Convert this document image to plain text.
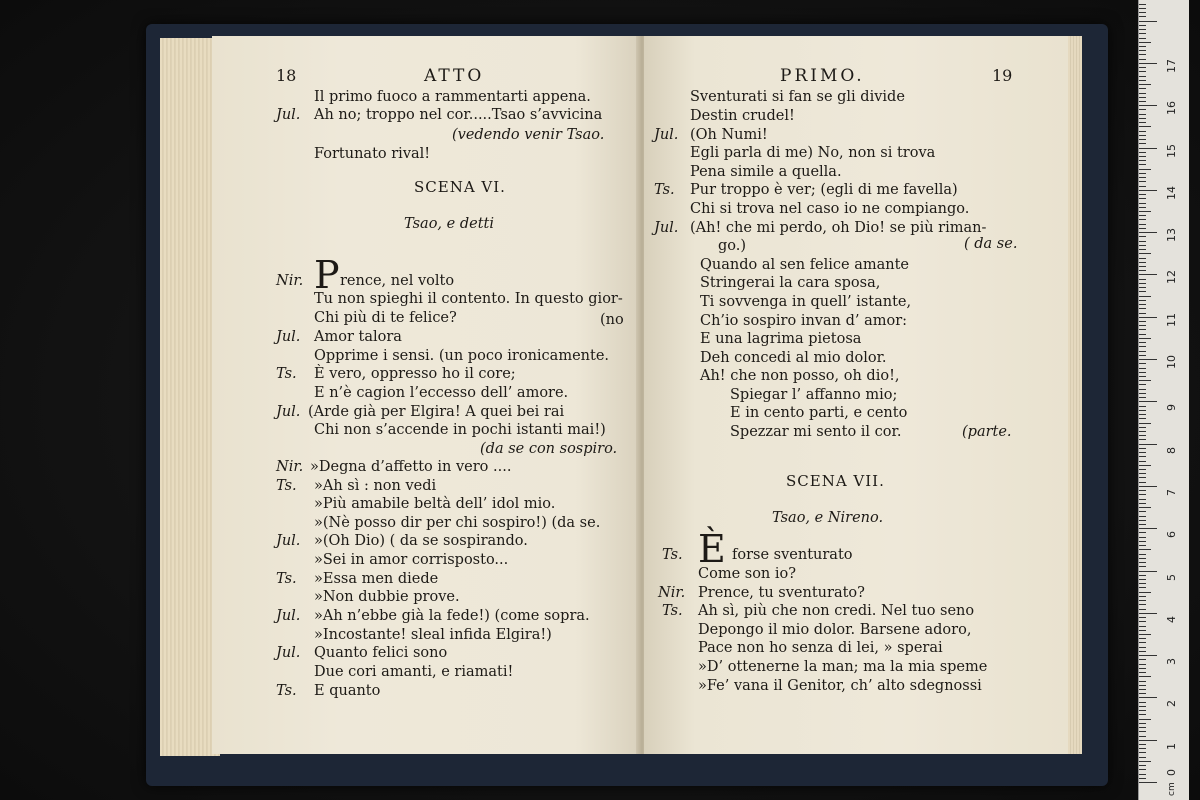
18	ATTO
Il primo fuoco a rammentarti appena.
Jul. Ah no; troppo nel cor.....Tsao s’avvicina
(vedendo venir Tsao.
Fortunato rival!
SCENA VI.
Tsao, e detti
Nir. P rence, nel volto
Tu non spieghi il contento. In questo gior-
Chi più di te felice?	(no
Jul. Amor talora
Opprime i sensi. (un poco ironicamente.
Ts. È vero, oppresso ho il core;
E n’è cagion l’eccesso dell’ amore.
Jul. (Arde già per Elgira! A quei bei rai
Chi non s’accende in pochi istanti mai!)
(da se con sospiro.
Nir. »Degna d’affetto in vero ....
Ts. »Ah sì : non vedi
»Più amabile beltà dell’ idol mio.
»(Nè posso dir per chi sospiro!) (da se.
Jul. »(Oh Dio) ( da se sospirando.
»Sei in amor corrisposto...
Ts. »Essa men diede
»Non dubbie prove.
Jul. »Ah n’ebbe già la fede!) (come sopra.
»Incostante! sleal infida Elgira!)
Jul. Quanto felici sono
Due cori amanti, e riamati!
Ts. E quanto
PRIMO.	19
Sventurati si fan se gli divide
Destin crudel!
Jul. (Oh Numi!
Egli parla di me) No, non si trova
Pena simile a quella.
Ts. Pur troppo è ver; (egli di me favella)
Chi si trova nel caso io ne compiango.
Jul. (Ah! che mi perdo, oh Dio! se più riman-
go.)	( da se.
Quando al sen felice amante
Stringerai la cara sposa,
Ti sovvenga in quell’ istante,
Ch’io sospiro invan d’ amor:
E una lagrima pietosa
Deh concedi al mio dolor.
Ah! che non posso, oh dio!,
Spiegar l’ affanno mio;
E in cento parti, e cento
Spezzar mi sento il cor.	(parte.
SCENA VII.
Tsao, e Nireno.
Ts. È forse sventurato
Come son io?
Nir. Prence, tu sventurato?
Ts. Ah sì, più che non credi. Nel tuo seno
Depongo il mio dolor. Barsene adoro,
Pace non ho senza di lei, » sperai
»D’ ottenerne la man; ma la mia speme
»Fe’ vana il Genitor, ch’ alto sdegnossi
cm
1
2
3
4
5
6
7
8
9
10
11
12
13
14
15
16
17
0
